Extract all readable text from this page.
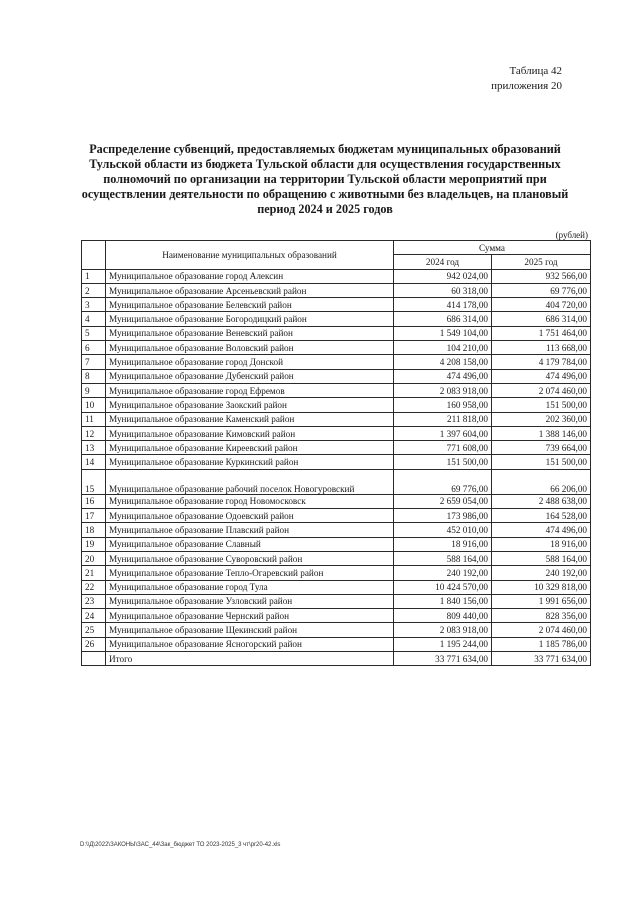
Таблица 42
приложения 20
Распределение субвенций, предоставляемых бюджетам муниципальных образований Тульской области из бюджета Тульской области для осуществления государственных полномочий по организации на территории Тульской области мероприятий при осуществлении деятельности по обращению с животными без владельцев, на плановый период 2024 и 2025 годов
(рублей)
	Наименование муниципальных образований	Сумма	
		2024 год	2025 год
1	Муниципальное образование город Алексин	942 024,00	932 566,00
2	Муниципальное образование Арсеньевский район	60 318,00	69 776,00
3	Муниципальное образование Белевский район	414 178,00	404 720,00
4	Муниципальное образование Богородицкий район	686 314,00	686 314,00
5	Муниципальное образование Веневский район	1 549 104,00	1 751 464,00
6	Муниципальное образование Воловский район	104 210,00	113 668,00
7	Муниципальное образование город Донской	4 208 158,00	4 179 784,00
8	Муниципальное образование Дубенский район	474 496,00	474 496,00
9	Муниципальное образование город Ефремов	2 083 918,00	2 074 460,00
10	Муниципальное образование Заокский район	160 958,00	151 500,00
11	Муниципальное образование Каменский район	211 818,00	202 360,00
12	Муниципальное образование Кимовский район	1 397 604,00	1 388 146,00
13	Муниципальное образование Киреевский район	771 608,00	739 664,00
14	Муниципальное образование Куркинский район	151 500,00	151 500,00
15	Муниципальное образование рабочий поселок Новогуровский	69 776,00	66 206,00
16	Муниципальное образование город Новомосковск	2 659 054,00	2 488 638,00
17	Муниципальное образование Одоевский район	173 986,00	164 528,00
18	Муниципальное образование Плавский район	452 010,00	474 496,00
19	Муниципальное образование Славный	18 916,00	18 916,00
20	Муниципальное образование Суворовский район	588 164,00	588 164,00
21	Муниципальное образование Тепло-Огаревский район	240 192,00	240 192,00
22	Муниципальное образование город Тула	10 424 570,00	10 329 818,00
23	Муниципальное образование Узловский район	1 840 156,00	1 991 656,00
24	Муниципальное образование Чернский район	809 440,00	828 356,00
25	Муниципальное образование Щекинский район	2 083 918,00	2 074 460,00
26	Муниципальное образование Ясногорский район	1 195 244,00	1 185 786,00
	Итого	33 771 634,00	33 771 634,00
D:\\Д\2022\ЗАКОНЫ\ЗАС_44\Зак_бюджет ТО 2023-2025_3 чт\pr20-42.xls
